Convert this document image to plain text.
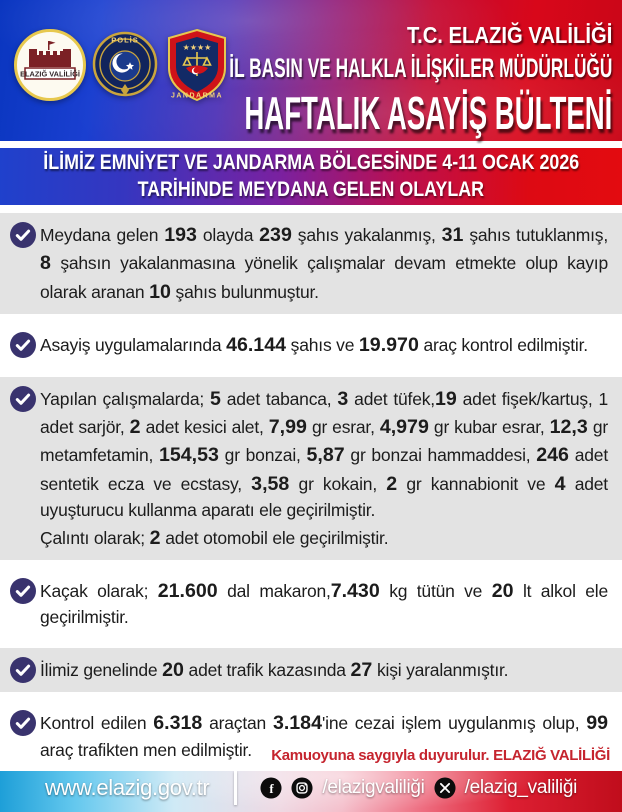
ELAZIĞ VALİLİĞİ
POLİS
★★★★
JANDARMA
T.C. ELAZIĞ VALİLİĞİ
İL BASIN VE HALKLA İLİŞKİLER MÜDÜRLÜĞÜ
HAFTALIK ASAYİŞ BÜLTENİ
İLİMİZ EMNİYET VE JANDARMA BÖLGESİNDE 4-11 OCAK 2026
TARİHİNDE MEYDANA GELEN OLAYLAR
Meydana gelen 193 olayda 239 şahıs yakalanmış, 31 şahıs tutuklanmış, 8 şahsın yakalanmasına yönelik çalışmalar devam etmekte olup kayıp olarak aranan 10 şahıs bulunmuştur.
Asayiş uygulamalarında 46.144 şahıs ve 19.970 araç kontrol edilmiştir.
Yapılan çalışmalarda; 5 adet tabanca, 3 adet tüfek,19 adet fişek/kartuş, 1 adet sarjör, 2 adet kesici alet, 7,99 gr esrar, 4,979 gr kubar esrar, 12,3 gr metamfetamin, 154,53 gr bonzai, 5,87 gr bonzai hammaddesi, 246 adet sentetik ecza ve ecstasy, 3,58 gr kokain, 2 gr kannabionit ve 4 adet uyuşturucu kullanma aparatı ele geçirilmiştir.
Çalıntı olarak; 2 adet otomobil ele geçirilmiştir.
Kaçak olarak; 21.600 dal makaron,7.430 kg tütün ve 20 lt alkol ele geçirilmiştir.
İlimiz genelinde 20 adet trafik kazasında 27 kişi yaralanmıştır.
Kontrol edilen 6.318 araçtan 3.184'ine cezai işlem uygulanmış olup, 99 araç trafikten men edilmiştir.	Kamuoyuna saygıyla duyurulur. ELAZIĞ VALİLİĞİ
www.elazig.gov.tr	f	/elazigvaliliği /elazig_valiliği
